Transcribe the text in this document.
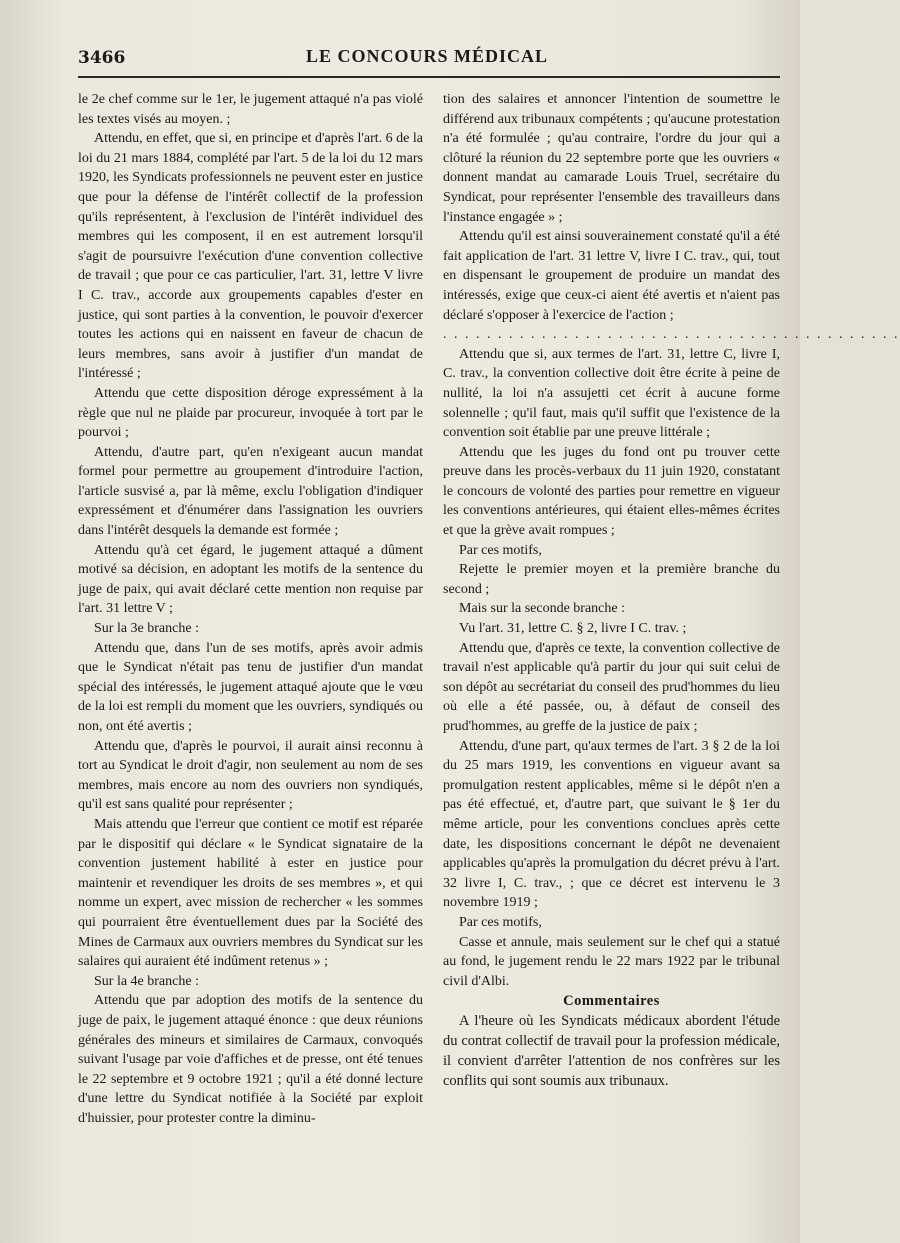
3466	LE CONCOURS MÉDICAL

le 2e chef comme sur le 1er, le jugement attaqué n'a pas violé les textes visés au moyen. ;

Attendu, en effet, que si, en principe et d'après l'art. 6 de la loi du 21 mars 1884, complété par l'art. 5 de la loi du 12 mars 1920, les Syndicats professionnels ne peuvent ester en justice que pour la défense de l'intérêt collectif de la profession qu'ils représentent, à l'exclusion de l'intérêt individuel des membres qui les composent, il en est autrement lorsqu'il s'agit de poursuivre l'exécution d'une convention collective de travail ; que pour ce cas particulier, l'art. 31, lettre V livre I C. trav., accorde aux groupements capables d'ester en justice, qui sont parties à la convention, le pouvoir d'exercer toutes les actions qui en naissent en faveur de chacun de leurs membres, sans avoir à justifier d'un mandat de l'intéressé ;

Attendu que cette disposition déroge expressément à la règle que nul ne plaide par procureur, invoquée à tort par le pourvoi ;

Attendu, d'autre part, qu'en n'exigeant aucun mandat formel pour permettre au groupement d'introduire l'action, l'article susvisé a, par là même, exclu l'obligation d'indiquer expressément et d'énumérer dans l'assignation les ouvriers dans l'intérêt desquels la demande est formée ;

Attendu qu'à cet égard, le jugement attaqué a dûment motivé sa décision, en adoptant les motifs de la sentence du juge de paix, qui avait déclaré cette mention non requise par l'art. 31 lettre V ;

Sur la 3e branche :

Attendu que, dans l'un de ses motifs, après avoir admis que le Syndicat n'était pas tenu de justifier d'un mandat spécial des intéressés, le jugement attaqué ajoute que le vœu de la loi est rempli du moment que les ouvriers, syndiqués ou non, ont été avertis ;

Attendu que, d'après le pourvoi, il aurait ainsi reconnu à tort au Syndicat le droit d'agir, non seulement au nom de ses membres, mais encore au nom des ouvriers non syndiqués, qu'il est sans qualité pour représenter ;

Mais attendu que l'erreur que contient ce motif est réparée par le dispositif qui déclare « le Syndicat signataire de la convention justement habilité à ester en justice pour maintenir et revendiquer les droits de ses membres », et qui nomme un expert, avec mission de rechercher « les sommes qui pourraient être éventuellement dues par la Société des Mines de Carmaux aux ouvriers membres du Syndicat sur les salaires qui auraient été indûment retenus » ;

Sur la 4e branche :

Attendu que par adoption des motifs de la sentence du juge de paix, le jugement attaqué énonce : que deux réunions générales des mineurs et similaires de Carmaux, convoqués suivant l'usage par voie d'affiches et de presse, ont été tenues le 22 septembre et 9 octobre 1921 ; qu'il a été donné lecture d'une lettre du Syndicat notifiée à la Société par exploit d'huissier, pour protester contre la diminu-

tion des salaires et annoncer l'intention de soumettre le différend aux tribunaux compétents ; qu'aucune protestation n'a été formulée ; qu'au contraire, l'ordre du jour qui a clôturé la réunion du 22 septembre porte que les ouvriers « donnent mandat au camarade Louis Truel, secrétaire du Syndicat, pour représenter l'ensemble des travailleurs dans l'instance engagée » ;

Attendu qu'il est ainsi souverainement constaté qu'il a été fait application de l'art. 31 lettre V, livre I C. trav., qui, tout en dispensant le groupement de produire un mandat des intéressés, exige que ceux-ci aient été avertis et n'aient pas déclaré s'opposer à l'exercice de l'action ;

. . . . . . . . . . . . . . . . . . . . . . . . . . . . . . . . . . . . . . . . . .

Attendu que si, aux termes de l'art. 31, lettre C, livre I, C. trav., la convention collective doit être écrite à peine de nullité, la loi n'a assujetti cet écrit à aucune forme solennelle ; qu'il faut, mais qu'il suffit que l'existence de la convention soit établie par une preuve littérale ;

Attendu que les juges du fond ont pu trouver cette preuve dans les procès-verbaux du 11 juin 1920, constatant le concours de volonté des parties pour remettre en vigueur les conventions antérieures, qui étaient elles-mêmes écrites et que la grève avait rompues ;

Par ces motifs,

Rejette le premier moyen et la première branche du second ;

Mais sur la seconde branche :

Vu l'art. 31, lettre C. § 2, livre I C. trav. ;

Attendu que, d'après ce texte, la convention collective de travail n'est applicable qu'à partir du jour qui suit celui de son dépôt au secrétariat du conseil des prud'hommes du lieu où elle a été passée, ou, à défaut de conseil des prud'hommes, au greffe de la justice de paix ;

Attendu, d'une part, qu'aux termes de l'art. 3 § 2 de la loi du 25 mars 1919, les conventions en vigueur avant sa promulgation restent applicables, même si le dépôt n'en a pas été effectué, et, d'autre part, que suivant le § 1er du même article, pour les conventions conclues après cette date, les dispositions concernant le dépôt ne devenaient applicables qu'après la promulgation du décret prévu à l'art. 32 livre I, C. trav., ; que ce décret est intervenu le 3 novembre 1919 ;

Par ces motifs,

Casse et annule, mais seulement sur le chef qui a statué au fond, le jugement rendu le 22 mars 1922 par le tribunal civil d'Albi.

Commentaires

A l'heure où les Syndicats médicaux abordent l'étude du contrat collectif de travail pour la profession médicale, il convient d'arrêter l'attention de nos confrères sur les conflits qui sont soumis aux tribunaux.
